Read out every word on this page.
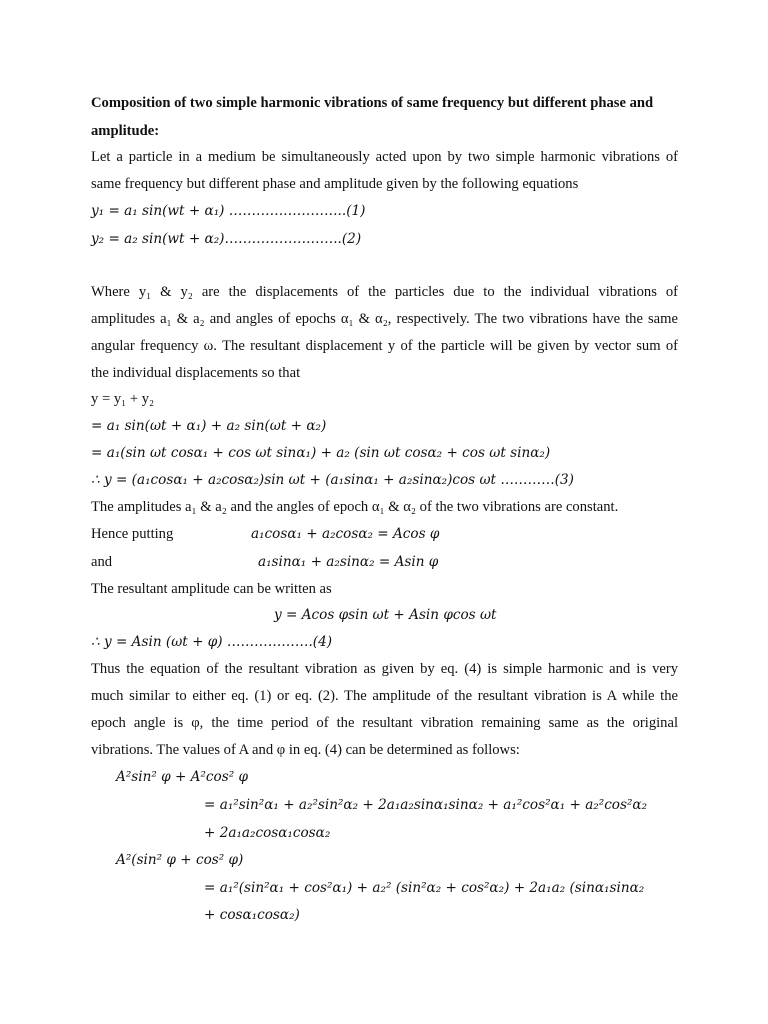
Composition of two simple harmonic vibrations of same frequency but different phase and
amplitude:
Let a particle in a medium be simultaneously acted upon by two simple harmonic vibrations of
same frequency but different phase and amplitude given by the following equations
y₁ = a₁ sin(wt + α₁) ……………………..(1)
y₂ = a₂ sin(wt + α₂)……………………..(2)
Where y₁ & y₂ are the displacements of the particles due to the individual vibrations of
amplitudes a₁ & a₂ and angles of epochs α₁ & α₂, respectively. The two vibrations have the same
angular frequency ω. The resultant displacement y of the particle will be given by vector sum of
the individual displacements so that
y = y₁ + y₂
= a₁ sin(ωt + α₁) + a₂ sin(ωt + α₂)
= a₁(sin ωt cosα₁ + cos ωt sinα₁) + a₂ (sin ωt cosα₂ + cos ωt sinα₂)
∴ y = (a₁cosα₁ + a₂cosα₂)sin ωt + (a₁sinα₁ + a₂sinα₂)cos ωt …………(3)
The amplitudes a₁ & a₂ and the angles of epoch α₁ & α₂ of the two vibrations are constant.
Hence putting	a₁cosα₁ + a₂cosα₂ = Acos φ
and	a₁sinα₁ + a₂sinα₂ = Asin φ
The resultant amplitude can be written as
y = Acos φsin ωt + Asin φcos ωt
∴ y = Asin (ωt + φ) ……………….(4)
Thus the equation of the resultant vibration as given by eq. (4) is simple harmonic and is very
much similar to either eq. (1) or eq. (2). The amplitude of the resultant vibration is A while the
epoch angle is φ, the time period of the resultant vibration remaining same as the original
vibrations. The values of A and φ in eq. (4) can be determined as follows:
A²sin² φ + A²cos² φ
= a₁²sin²α₁ + a₂²sin²α₂ + 2a₁a₂sinα₁sinα₂ + a₁²cos²α₁ + a₂²cos²α₂
+ 2a₁a₂cosα₁cosα₂
A²(sin² φ + cos² φ)
= a₁²(sin²α₁ + cos²α₁) + a₂² (sin²α₂ + cos²α₂) + 2a₁a₂ (sinα₁sinα₂
+ cosα₁cosα₂)
